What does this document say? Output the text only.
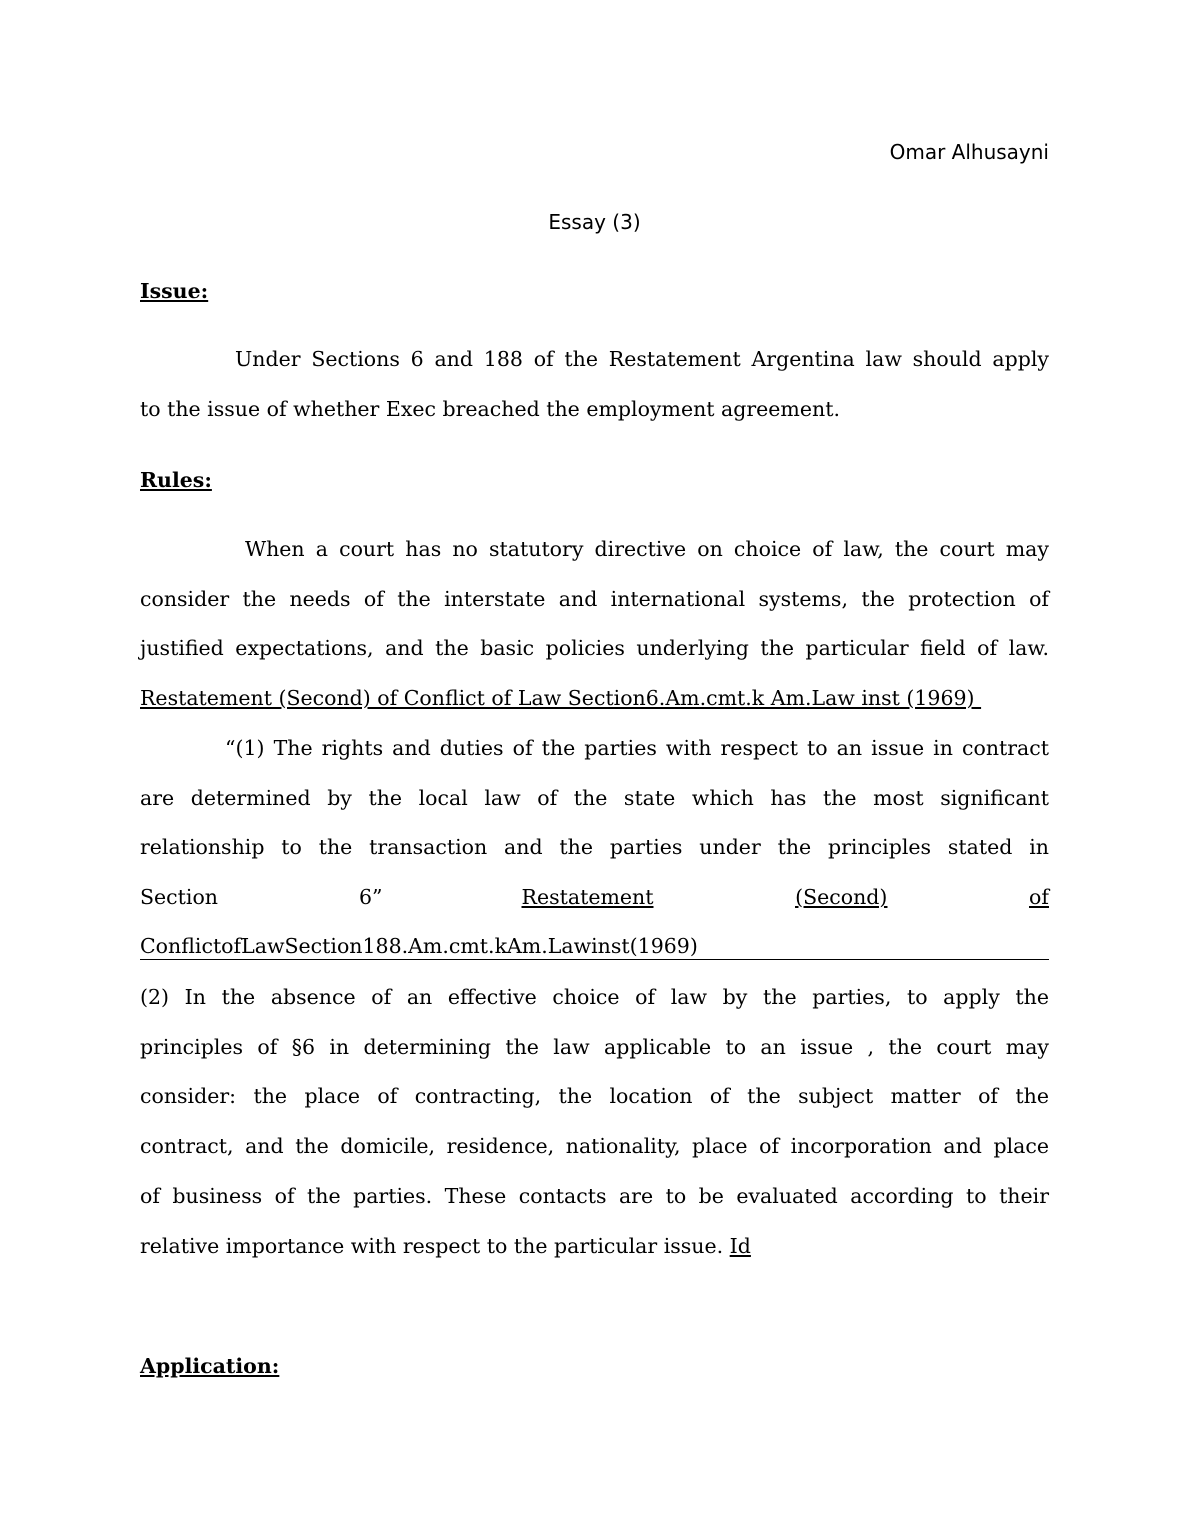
Omar Alhusayni
Essay (3)
Issue:
Under Sections 6 and 188 of the Restatement Argentina law should apply
to the issue of whether Exec breached the employment agreement.
Rules:
When a court has no statutory directive on choice of law, the court may
consider the needs of the interstate and international systems, the protection of
justified expectations, and the basic policies underlying the particular field of law.
Restatement (Second) of Conflict of Law Section6.Am.cmt.k Am.Law inst (1969)
“(1) The rights and duties of the parties with respect to an issue in contract
are determined by the local law of the state which has the most significant
relationship to the transaction and the parties under the principles stated in
Section	6”	Restatement	(Second)	of
ConflictofLawSection188.Am.cmt.kAm.Lawinst(1969)
(2) In the absence of an effective choice of law by the parties, to apply the
principles of §6 in determining the law applicable to an issue , the court may
consider: the place of contracting, the location of the subject matter of the
contract, and the domicile, residence, nationality, place of incorporation and place
of business of the parties. These contacts are to be evaluated according to their
relative importance with respect to the particular issue. Id
Application:
